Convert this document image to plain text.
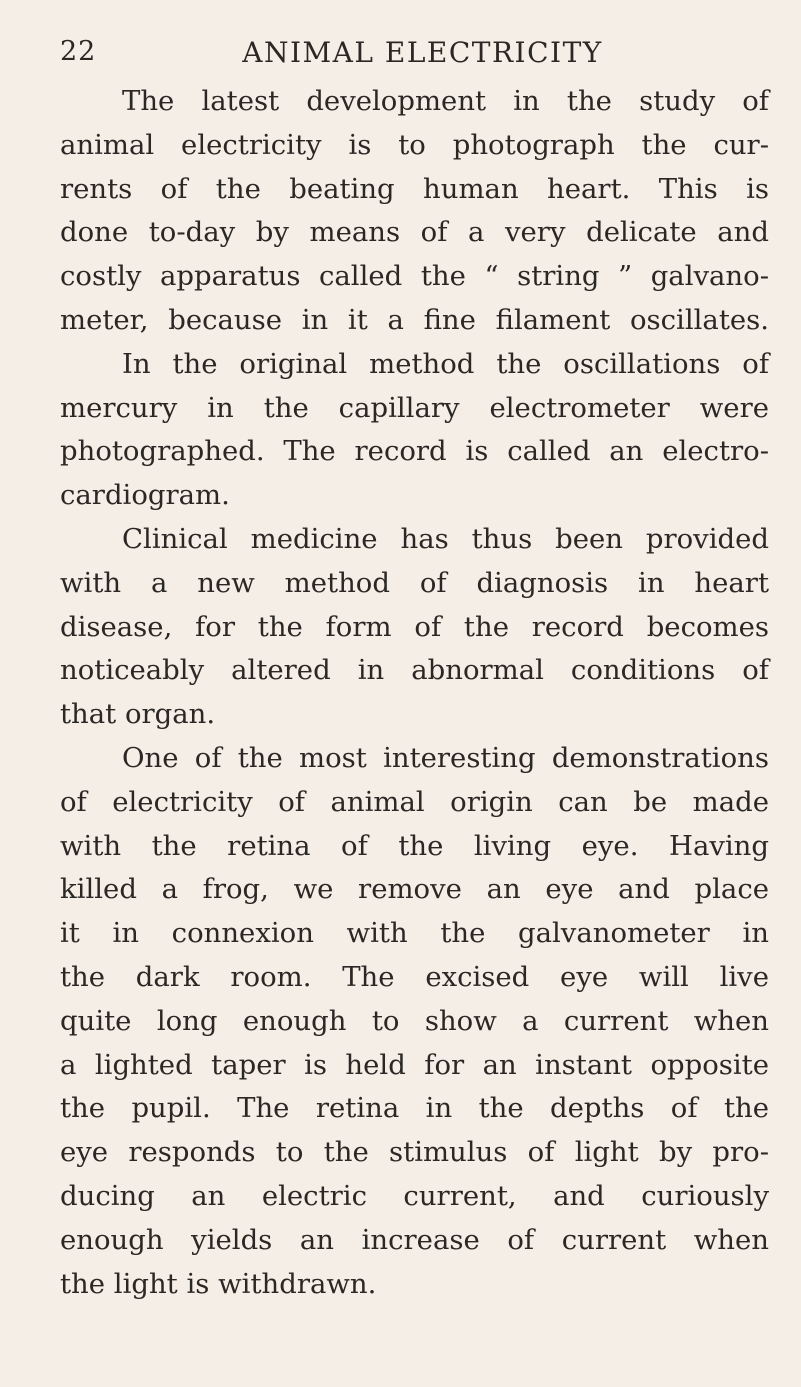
22	ANIMAL ELECTRICITY
The latest development in the study of
animal electricity is to photograph the cur-
rents of the beating human heart. This is
done to-day by means of a very delicate and
costly apparatus called the “ string ” galvano-
meter, because in it a fine filament oscillates.
In the original method the oscillations of
mercury in the capillary electrometer were
photographed. The record is called an electro-
cardiogram.
Clinical medicine has thus been provided
with a new method of diagnosis in heart
disease, for the form of the record becomes
noticeably altered in abnormal conditions of
that organ.
One of the most interesting demonstrations
of electricity of animal origin can be made
with the retina of the living eye. Having
killed a frog, we remove an eye and place
it in connexion with the galvanometer in
the dark room. The excised eye will live
quite long enough to show a current when
a lighted taper is held for an instant opposite
the pupil. The retina in the depths of the
eye responds to the stimulus of light by pro-
ducing an electric current, and curiously
enough yields an increase of current when
the light is withdrawn.
